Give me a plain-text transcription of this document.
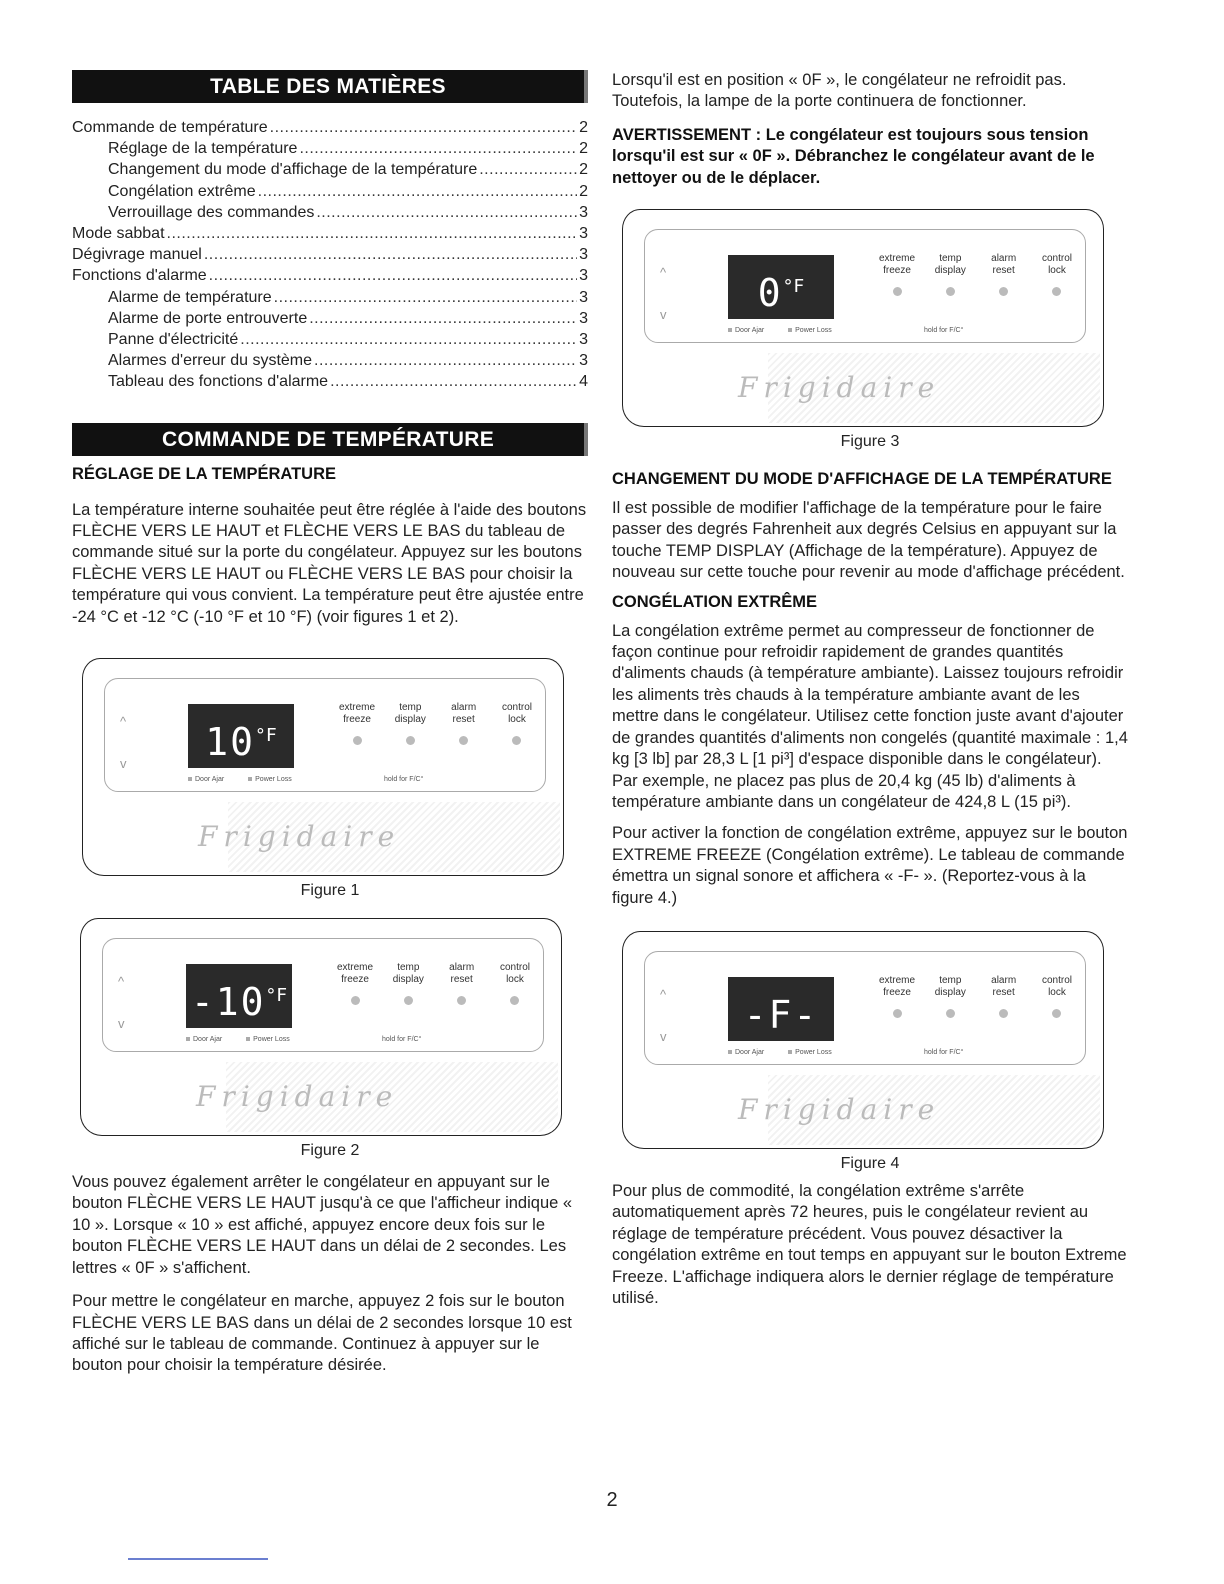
TABLE DES MATIÈRES
Commande de température .....	2
Réglage de la température .....	2
Changement du mode d'affichage de la température .....	2
Congélation extrême .....	2
Verrouillage des commandes .....	3
Mode sabbat .....	3
Dégivrage manuel .....	3
Fonctions d'alarme .....	3
Alarme de température .....	3
Alarme de porte entrouverte .....	3
Panne d'électricité .....	3
Alarmes d'erreur du système .....	3
Tableau des fonctions d'alarme .....	4
COMMANDE DE TEMPÉRATURE
RÉGLAGE DE LA TEMPÉRATURE

La température interne souhaitée peut être réglée à l'aide des boutons FLÈCHE VERS LE HAUT et FLÈCHE VERS LE BAS du tableau de commande situé sur la porte du congélateur. Appuyez sur les boutons FLÈCHE VERS LE HAUT ou FLÈCHE VERS LE BAS pour choisir la température qui vous convient. La température peut être ajustée entre -24 °C et -12 °C (-10 °F et 10 °F) (voir figures 1 et 2).

^
v	$10^{^\circ F}$
extreme
freeze
temp
display
alarm
reset
control
lock
Door Ajar	Power Loss	hold for F/C°
Frigidaire
Figure 1
^
v $-10^{^\circ F}$
extreme
freeze
temp
display
alarm
reset
control
lock
Door Ajar	Power Loss	hold for F/C°
Frigidaire
Figure 2

Vous pouvez également arrêter le congélateur en appuyant sur le bouton FLÈCHE VERS LE HAUT jusqu'à ce que l'afficheur indique « 10 ». Lorsque « 10 » est affiché, appuyez encore deux fois sur le bouton FLÈCHE VERS LE HAUT dans un délai de 2 secondes. Les lettres « 0F » s'affichent.

Pour mettre le congélateur en marche, appuyez 2 fois sur le bouton FLÈCHE VERS LE BAS dans un délai de 2 secondes lorsque 10 est affiché sur le tableau de commande. Continuez à appuyer sur le bouton pour choisir la température désirée.

Lorsqu'il est en position « 0F », le congélateur ne refroidit pas. Toutefois, la lampe de la porte continuera de fonctionner.

AVERTISSEMENT : Le congélateur est toujours sous tension lorsqu'il est sur « 0F ». Débranchez le congélateur avant de le nettoyer ou de le déplacer.
^
v	$0^{^\circ F}$
extreme
freeze
temp
display
alarm
reset
control
lock
Door Ajar	Power Loss	hold for F/C°
Frigidaire
Figure 3
CHANGEMENT DU MODE D'AFFICHAGE DE LA TEMPÉRATURE

Il est possible de modifier l'affichage de la température pour le faire passer des degrés Fahrenheit aux degrés Celsius en appuyant sur la touche TEMP DISPLAY (Affichage de la température). Appuyez de nouveau sur cette touche pour revenir au mode d'affichage précédent.

CONGÉLATION EXTRÊME

La congélation extrême permet au compresseur de fonctionner de façon continue pour refroidir rapidement de grandes quantités d'aliments chauds (à température ambiante). Laissez toujours refroidir les aliments très chauds à la température ambiante avant de les mettre dans le congélateur. Utilisez cette fonction juste avant d'ajouter de grandes quantités d'aliments non congelés (quantité maximale : 1,4 kg [3 lb] par 28,3 L [1 pi³] d'espace disponible dans le congélateur). Par exemple, ne placez pas plus de 20,4 kg (45 lb) d'aliments à température ambiante dans un congélateur de 424,8 L (15 pi³).

Pour activer la fonction de congélation extrême, appuyez sur le bouton EXTREME FREEZE (Congélation extrême). Le tableau de commande émettra un signal sonore et affichera « -F- ». (Reportez-vous à la figure 4.)

^
v	-F-
extreme
freeze
temp
display
alarm
reset
control
lock
Door Ajar	Power Loss	hold for F/C°
Frigidaire
Figure 4

Pour plus de commodité, la congélation extrême s'arrête automatiquement après 72 heures, puis le congélateur revient au réglage de température précédent. Vous pouvez désactiver la congélation extrême en tout temps en appuyant sur le bouton Extreme Freeze. L'affichage indiquera alors le dernier réglage de température utilisé.

2
